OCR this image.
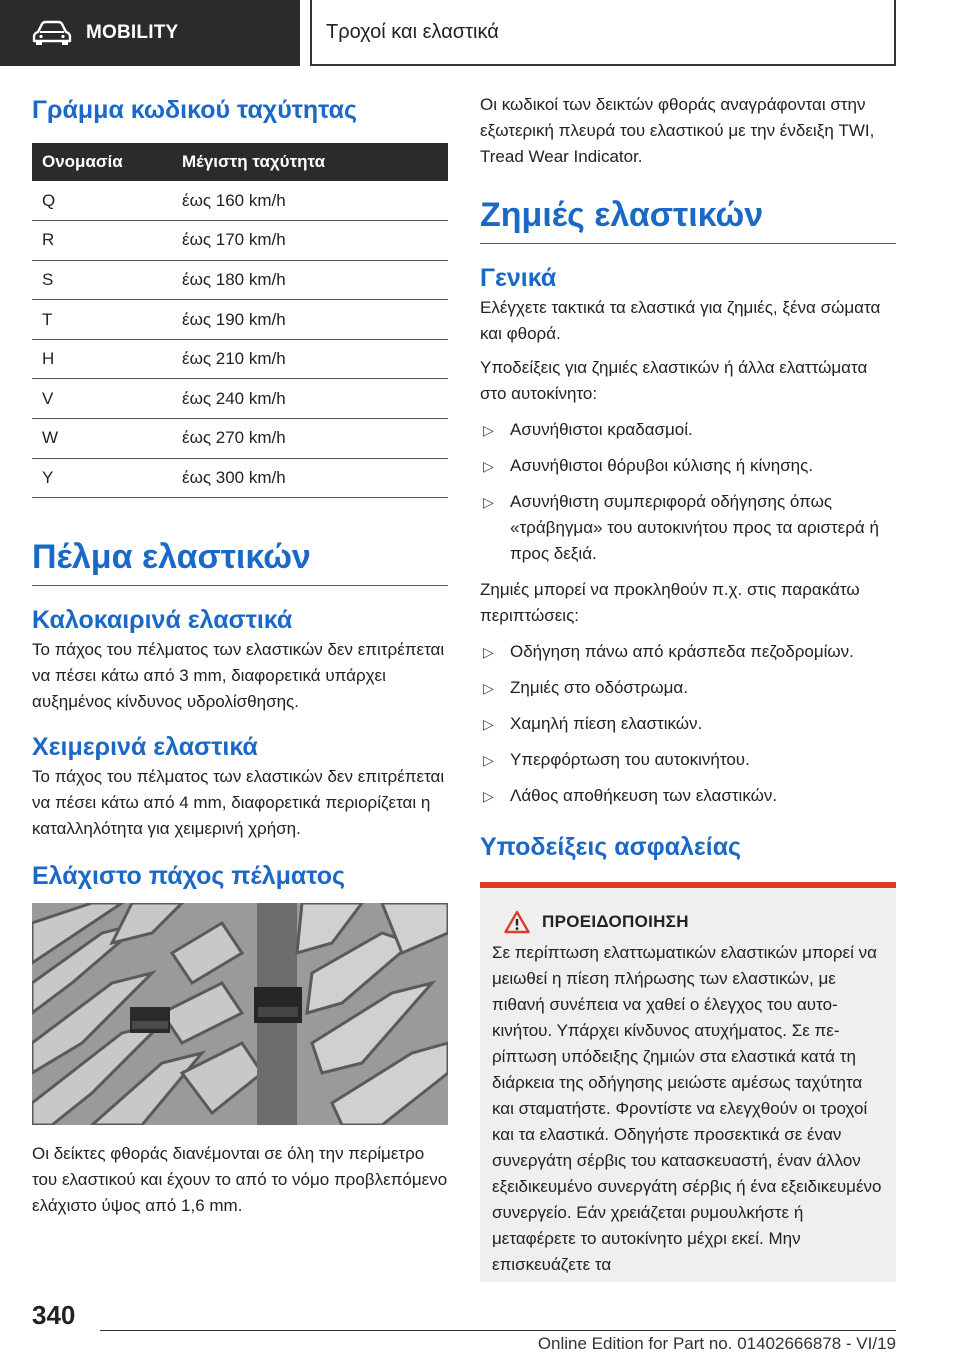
MOBILITY	Τροχοί και ελαστικά
Γράμμα κωδικού ταχύτητας
Ονομασία	Μέγιστη ταχύτητα
Q	έως 160 km/h
R	έως 170 km/h
S	έως 180 km/h
T	έως 190 km/h
H	έως 210 km/h
V	έως 240 km/h
W	έως 270 km/h
Y	έως 300 km/h
Πέλμα ελαστικών
Καλοκαιρινά ελαστικά

Το πάχος του πέλματος των ελαστικών δεν επιτρέπεται να πέσει κάτω από 3 mm, διαφορετικά υπάρχει αυξημένος κίνδυνος υδρολίσθησης.

Χειμερινά ελαστικά

Το πάχος του πέλματος των ελαστικών δεν επιτρέπεται να πέσει κάτω από 4 mm, διαφορετικά περιορίζεται η καταλληλότητα για χειμερινή χρήση.

Ελάχιστο πάχος πέλματος

Οι δείκτες φθοράς διανέμονται σε όλη την περίμετρο του ελαστικού και έχουν το από το νόμο προβλεπόμενο ελάχιστο ύψος από 1,6 mm.

Οι κωδικοί των δεικτών φθοράς αναγράφονται στην εξωτερική πλευρά του ελαστικού με την ένδειξη TWI, Tread Wear Indicator.

Ζημιές ελαστικών
Γενικά

Ελέγχετε τακτικά τα ελαστικά για ζημιές, ξένα σώματα και φθορά.

Υποδείξεις για ζημιές ελαστικών ή άλλα ελαττώματα στο αυτοκίνητο:

▷ Ασυνήθιστοι κραδασμοί.
▷ Ασυνήθιστοι θόρυβοι κύλισης ή κίνησης.
▷ Ασυνήθιστη συμπεριφορά οδήγησης όπως «τράβηγμα» του αυτοκινήτου προς τα αριστερά ή προς δεξιά.

Ζημιές μπορεί να προκληθούν π.χ. στις παρακάτω περιπτώσεις:

▷ Οδήγηση πάνω από κράσπεδα πεζοδρομίων.
▷ Ζημιές στο οδόστρωμα.
▷ Χαμηλή πίεση ελαστικών.
▷ Υπερφόρτωση του αυτοκινήτου.
▷ Λάθος αποθήκευση των ελαστικών.
Υποδείξεις ασφαλείας
ΠΡΟΕΙΔΟΠΟΙΗΣΗ

Σε περίπτωση ελαττωματικών ελαστικών μπορεί να μειωθεί η πίεση πλήρωσης των ελαστικών, με πιθανή συνέπεια να χαθεί ο έλεγχος του αυτοκινήτου. Υπάρχει κίνδυνος ατυχήματος. Σε περίπτωση υπόδειξης ζημιών στα ελαστικά κατά τη διάρκεια της οδήγησης μειώστε αμέσως ταχύτητα και σταματήστε. Φροντίστε να ελεγχθούν οι τροχοί και τα ελαστικά. Οδηγήστε προσεκτικά σε έναν συνεργάτη σέρβις του κατασκευαστή, έναν άλλον εξειδικευμένο συνεργάτη σέρβις ή ένα εξειδικευμένο συνεργείο. Εάν χρειάζεται ρυμουλκήστε ή μεταφέρετε το αυτοκίνητο μέχρι εκεί. Μην επισκευάζετε τα

340
Online Edition for Part no. 01402666878 - VI/19
